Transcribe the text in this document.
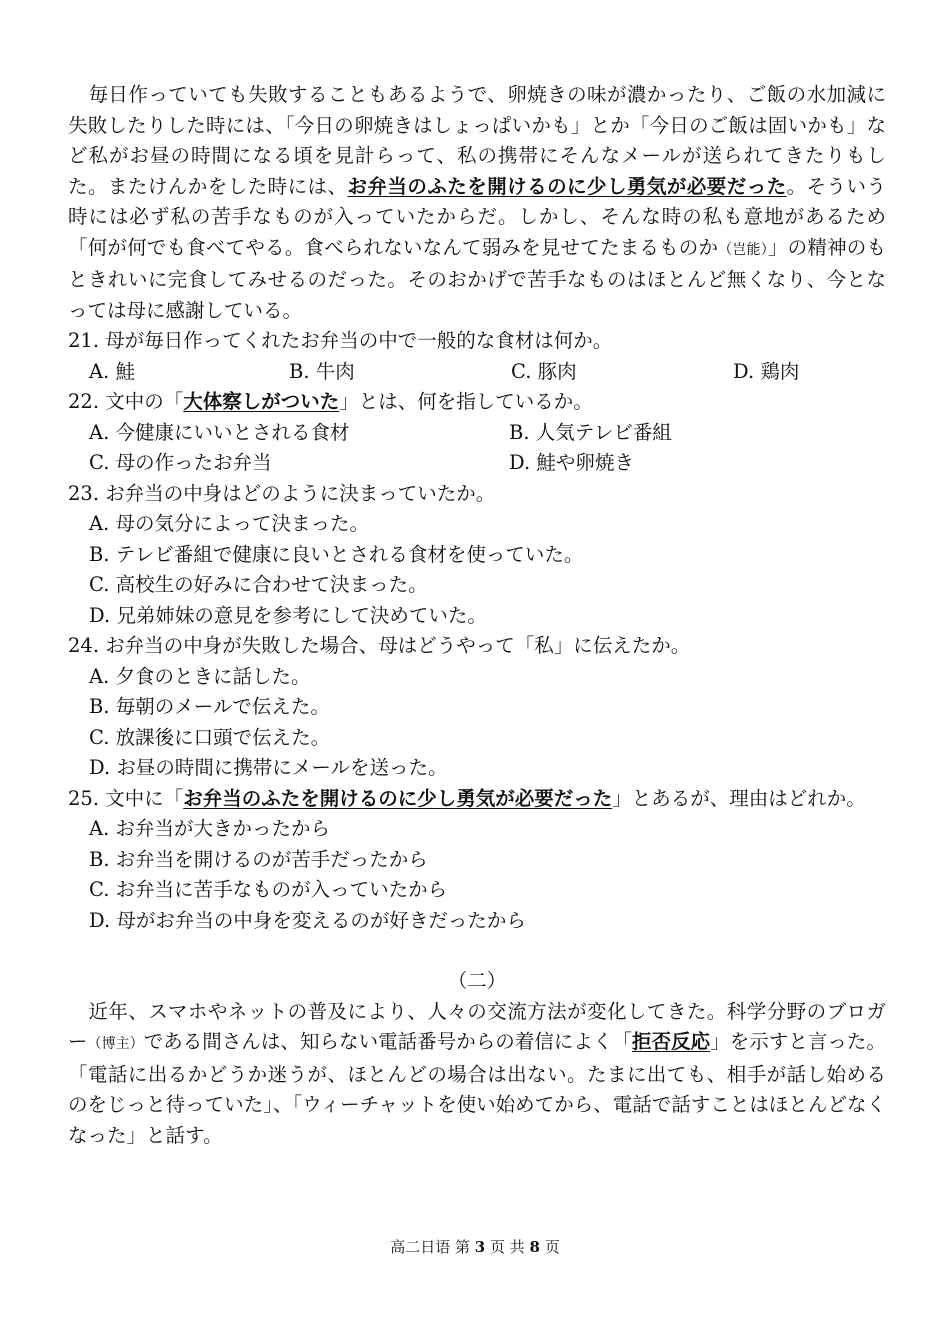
毎日作っていても失敗することもあるようで、卵焼きの味が濃かったり、ご飯の水加減に失敗したりした時には、「今日の卵焼きはしょっぱいかも」とか「今日のご飯は固いかも」など私がお昼の時間になる頃を見計らって、私の携帯にそんなメールが送られてきたりもした。またけんかをした時には、お弁当のふたを開けるのに少し勇気が必要だった。そういう時には必ず私の苦手なものが入っていたからだ。しかし、そんな時の私も意地があるため「何が何でも食べてやる。食べられないなんて弱みを見せてたまるものか（岂能）」の精神のもときれいに完食してみせるのだった。そのおかげで苦手なものはほとんど無くなり、今となっては母に感謝している。

21. 母が毎日作ってくれたお弁当の中で一般的な食材は何か。

A. 鮭	B. 牛肉	C. 豚肉	D. 鶏肉

22. 文中の「大体察しがついた」とは、何を指しているか。

A. 今健康にいいとされる食材	B. 人気テレビ番組
C. 母の作ったお弁当	D. 鮭や卵焼き

23. お弁当の中身はどのように決まっていたか。

A. 母の気分によって決まった。

B. テレビ番組で健康に良いとされる食材を使っていた。

C. 高校生の好みに合わせて決まった。

D. 兄弟姉妹の意見を参考にして決めていた。

24. お弁当の中身が失敗した場合、母はどうやって「私」に伝えたか。

A. 夕食のときに話した。

B. 毎朝のメールで伝えた。

C. 放課後に口頭で伝えた。

D. お昼の時間に携帯にメールを送った。

25. 文中に「お弁当のふたを開けるのに少し勇気が必要だった」とあるが、理由はどれか。

A. お弁当が大きかったから

B. お弁当を開けるのが苦手だったから

C. お弁当に苦手なものが入っていたから

D. 母がお弁当の中身を変えるのが好きだったから

（二）

近年、スマホやネットの普及により、人々の交流方法が変化してきた。科学分野のブロガー（博主）である間さんは、知らない電話番号からの着信によく「拒否反応」を示すと言った。「電話に出るかどうか迷うが、ほとんどの場合は出ない。たまに出ても、相手が話し始めるのをじっと待っていた」、「ウィーチャットを使い始めてから、電話で話すことはほとんどなくなった」と話す。

高二日语 第 3 页 共 8 页
